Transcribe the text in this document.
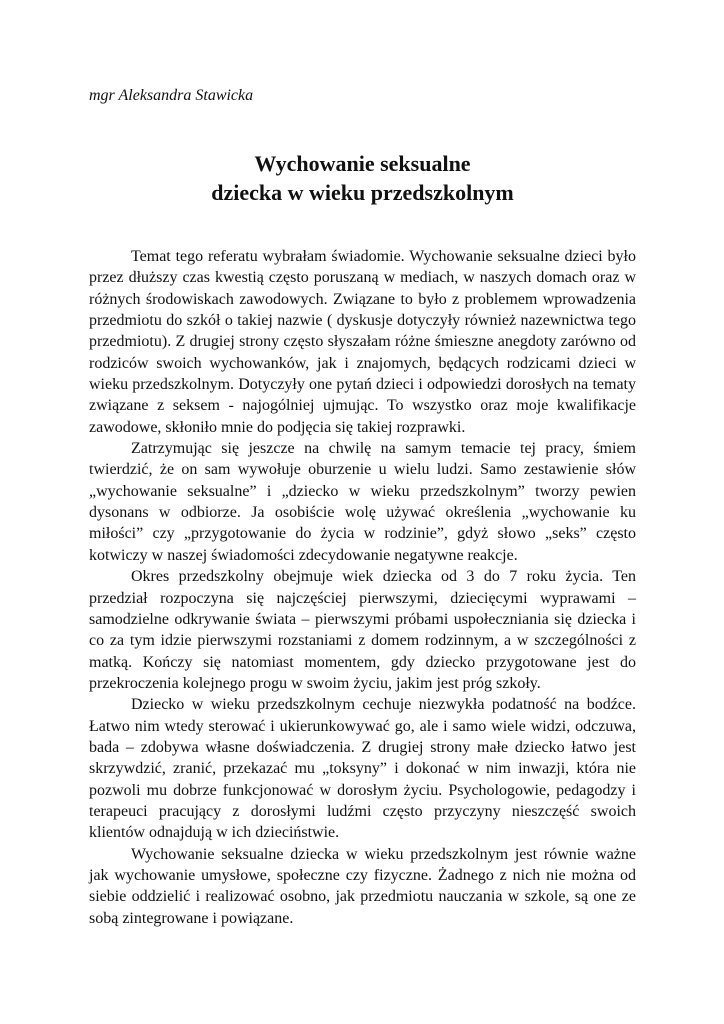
mgr Aleksandra Stawicka

Wychowanie seksualne
dziecka w wieku przedszkolnym

Temat tego referatu wybrałam świadomie. Wychowanie seksualne dzieci było przez dłuższy czas kwestią często poruszaną w mediach, w naszych domach oraz w różnych środowiskach zawodowych. Związane to było z problemem wprowadzenia przedmiotu do szkół o takiej nazwie ( dyskusje dotyczyły również nazewnictwa tego przedmiotu). Z drugiej strony często słyszałam różne śmieszne anegdoty zarówno od rodziców swoich wychowanków, jak i znajomych, będących rodzicami dzieci w wieku przedszkolnym. Dotyczyły one pytań dzieci i odpowiedzi dorosłych na tematy związane z seksem - najogólniej ujmując. To wszystko oraz moje kwalifikacje zawodowe, skłoniło mnie do podjęcia się takiej rozprawki.

Zatrzymując się jeszcze na chwilę na samym temacie tej pracy, śmiem twierdzić, że on sam wywołuje oburzenie u wielu ludzi. Samo zestawienie słów „wychowanie seksualne” i „dziecko w wieku przedszkolnym” tworzy pewien dysonans w odbiorze. Ja osobiście wolę używać określenia „wychowanie ku miłości” czy „przygotowanie do życia w rodzinie”, gdyż słowo „seks” często kotwiczy w naszej świadomości zdecydowanie negatywne reakcje.

Okres przedszkolny obejmuje wiek dziecka od 3 do 7 roku życia. Ten przedział rozpoczyna się najczęściej pierwszymi, dziecięcymi wyprawami – samodzielne odkrywanie świata – pierwszymi próbami uspołeczniania się dziecka i co za tym idzie pierwszymi rozstaniami z domem rodzinnym, a w szczególności z matką. Kończy się natomiast momentem, gdy dziecko przygotowane jest do przekroczenia kolejnego progu w swoim życiu, jakim jest próg szkoły.

Dziecko w wieku przedszkolnym cechuje niezwykła podatność na bodźce. Łatwo nim wtedy sterować i ukierunkowywać go, ale i samo wiele widzi, odczuwa, bada – zdobywa własne doświadczenia. Z drugiej strony małe dziecko łatwo jest skrzywdzić, zranić, przekazać mu „toksyny” i dokonać w nim inwazji, która nie pozwoli mu dobrze funkcjonować w dorosłym życiu. Psychologowie, pedagodzy i terapeuci pracujący z dorosłymi ludźmi często przyczyny nieszczęść swoich klientów odnajdują w ich dzieciństwie.

Wychowanie seksualne dziecka w wieku przedszkolnym jest równie ważne jak wychowanie umysłowe, społeczne czy fizyczne. Żadnego z nich nie można od siebie oddzielić i realizować osobno, jak przedmiotu nauczania w szkole, są one ze sobą zintegrowane i powiązane.
